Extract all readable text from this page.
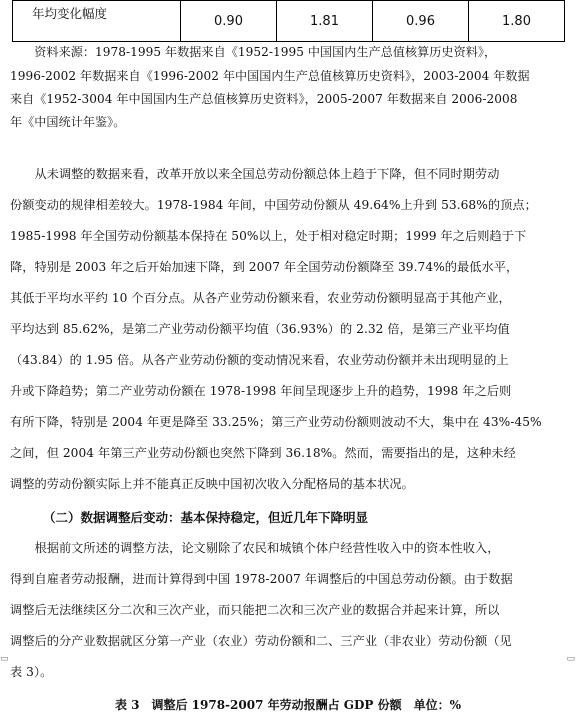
年均变化幅度	0.90	1.81	0.96	1.80
　　资料来源：1978-1995 年数据来自《1952-1995 中国国内生产总值核算历史资料》，
1996-2002 年数据来自《1996-2002 年中国国内生产总值核算历史资料》，2003-2004 年数据
来自《1952-3004 年中国国内生产总值核算历史资料》，2005-2007 年数据来自 2006-2008
年《中国统计年鉴》。
　　从未调整的数据来看，改革开放以来全国总劳动份额总体上趋于下降，但不同时期劳动
份额变动的规律相差较大。1978-1984 年间，中国劳动份额从 49.64%上升到 53.68%的顶点；
1985-1998 年全国劳动份额基本保持在 50%以上，处于相对稳定时期；1999 年之后则趋于下
降，特别是 2003 年之后开始加速下降，到 2007 年全国劳动份额降至 39.74%的最低水平，
其低于平均水平约 10 个百分点。从各产业劳动份额来看，农业劳动份额明显高于其他产业，
平均达到 85.62%，是第二产业劳动份额平均值（36.93%）的 2.32 倍，是第三产业平均值
（43.84）的 1.95 倍。从各产业劳动份额的变动情况来看，农业劳动份额并未出现明显的上
升或下降趋势；第二产业劳动份额在 1978-1998 年间呈现逐步上升的趋势，1998 年之后则
有所下降，特别是 2004 年更是降至 33.25%；第三产业劳动份额则波动不大，集中在 43%-45%
之间，但 2004 年第三产业劳动份额也突然下降到 36.18%。然而，需要指出的是，这种未经
调整的劳动份额实际上并不能真正反映中国初次收入分配格局的基本状况。
（二）数据调整后变动：基本保持稳定，但近几年下降明显
　　根据前文所述的调整方法，论文剔除了农民和城镇个体户经营性收入中的资本性收入，
得到自雇者劳动报酬，进而计算得到中国 1978-2007 年调整后的中国总劳动份额。由于数据
调整后无法继续区分二次和三次产业，而只能把二次和三次产业的数据合并起来计算，所以
调整后的分产业数据就区分第一产业（农业）劳动份额和二、三产业（非农业）劳动份额（见
表 3）。
表 3　调整后 1978-2007 年劳动报酬占 GDP 份额　单位：%
▭	▭
